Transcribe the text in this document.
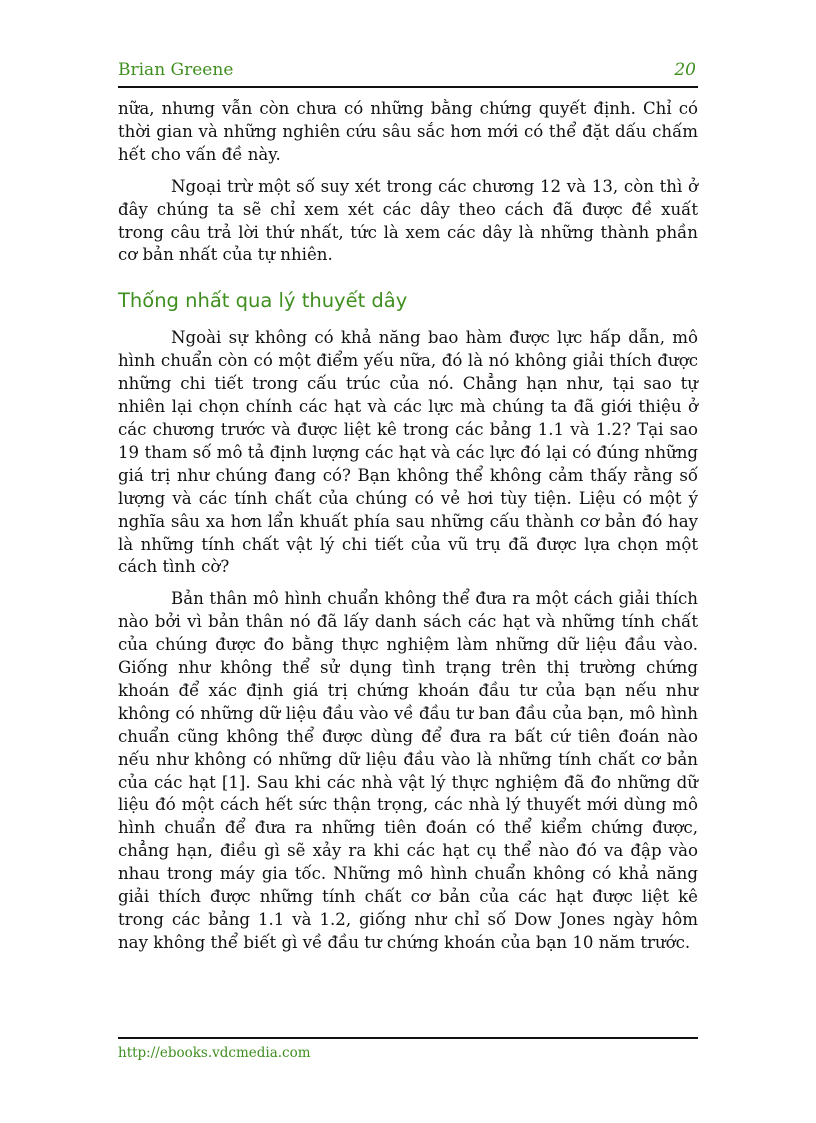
Brian Greene	20

nữa, nhưng vẫn còn chưa có những bằng chứng quyết định. Chỉ có thời gian và những nghiên cứu sâu sắc hơn mới có thể đặt dấu chấm hết cho vấn đề này.

Ngoại trừ một số suy xét trong các chương 12 và 13, còn thì ở đây chúng ta sẽ chỉ xem xét các dây theo cách đã được đề xuất trong câu trả lời thứ nhất, tức là xem các dây là những thành phần cơ bản nhất của tự nhiên.

Thống nhất qua lý thuyết dây

Ngoài sự không có khả năng bao hàm được lực hấp dẫn, mô hình chuẩn còn có một điểm yếu nữa, đó là nó không giải thích được những chi tiết trong cấu trúc của nó. Chẳng hạn như, tại sao tự nhiên lại chọn chính các hạt và các lực mà chúng ta đã giới thiệu ở các chương trước và được liệt kê trong các bảng 1.1 và 1.2? Tại sao 19 tham số mô tả định lượng các hạt và các lực đó lại có đúng những giá trị như chúng đang có? Bạn không thể không cảm thấy rằng số lượng và các tính chất của chúng có vẻ hơi tùy tiện. Liệu có một ý nghĩa sâu xa hơn lẩn khuất phía sau những cấu thành cơ bản đó hay là những tính chất vật lý chi tiết của vũ trụ đã được lựa chọn một cách tình cờ?

Bản thân mô hình chuẩn không thể đưa ra một cách giải thích nào bởi vì bản thân nó đã lấy danh sách các hạt và những tính chất của chúng được đo bằng thực nghiệm làm những dữ liệu đầu vào. Giống như không thể sử dụng tình trạng trên thị trường chứng khoán để xác định giá trị chứng khoán đầu tư của bạn nếu như không có những dữ liệu đầu vào về đầu tư ban đầu của bạn, mô hình chuẩn cũng không thể được dùng để đưa ra bất cứ tiên đoán nào nếu như không có những dữ liệu đầu vào là những tính chất cơ bản của các hạt [1]. Sau khi các nhà vật lý thực nghiệm đã đo những dữ liệu đó một cách hết sức thận trọng, các nhà lý thuyết mới dùng mô hình chuẩn để đưa ra những tiên đoán có thể kiểm chứng được, chẳng hạn, điều gì sẽ xảy ra khi các hạt cụ thể nào đó va đập vào nhau trong máy gia tốc. Những mô hình chuẩn không có khả năng giải thích được những tính chất cơ bản của các hạt được liệt kê trong các bảng 1.1 và 1.2, giống như chỉ số Dow Jones ngày hôm nay không thể biết gì về đầu tư chứng khoán của bạn 10 năm trước.

http://ebooks.vdcmedia.com
